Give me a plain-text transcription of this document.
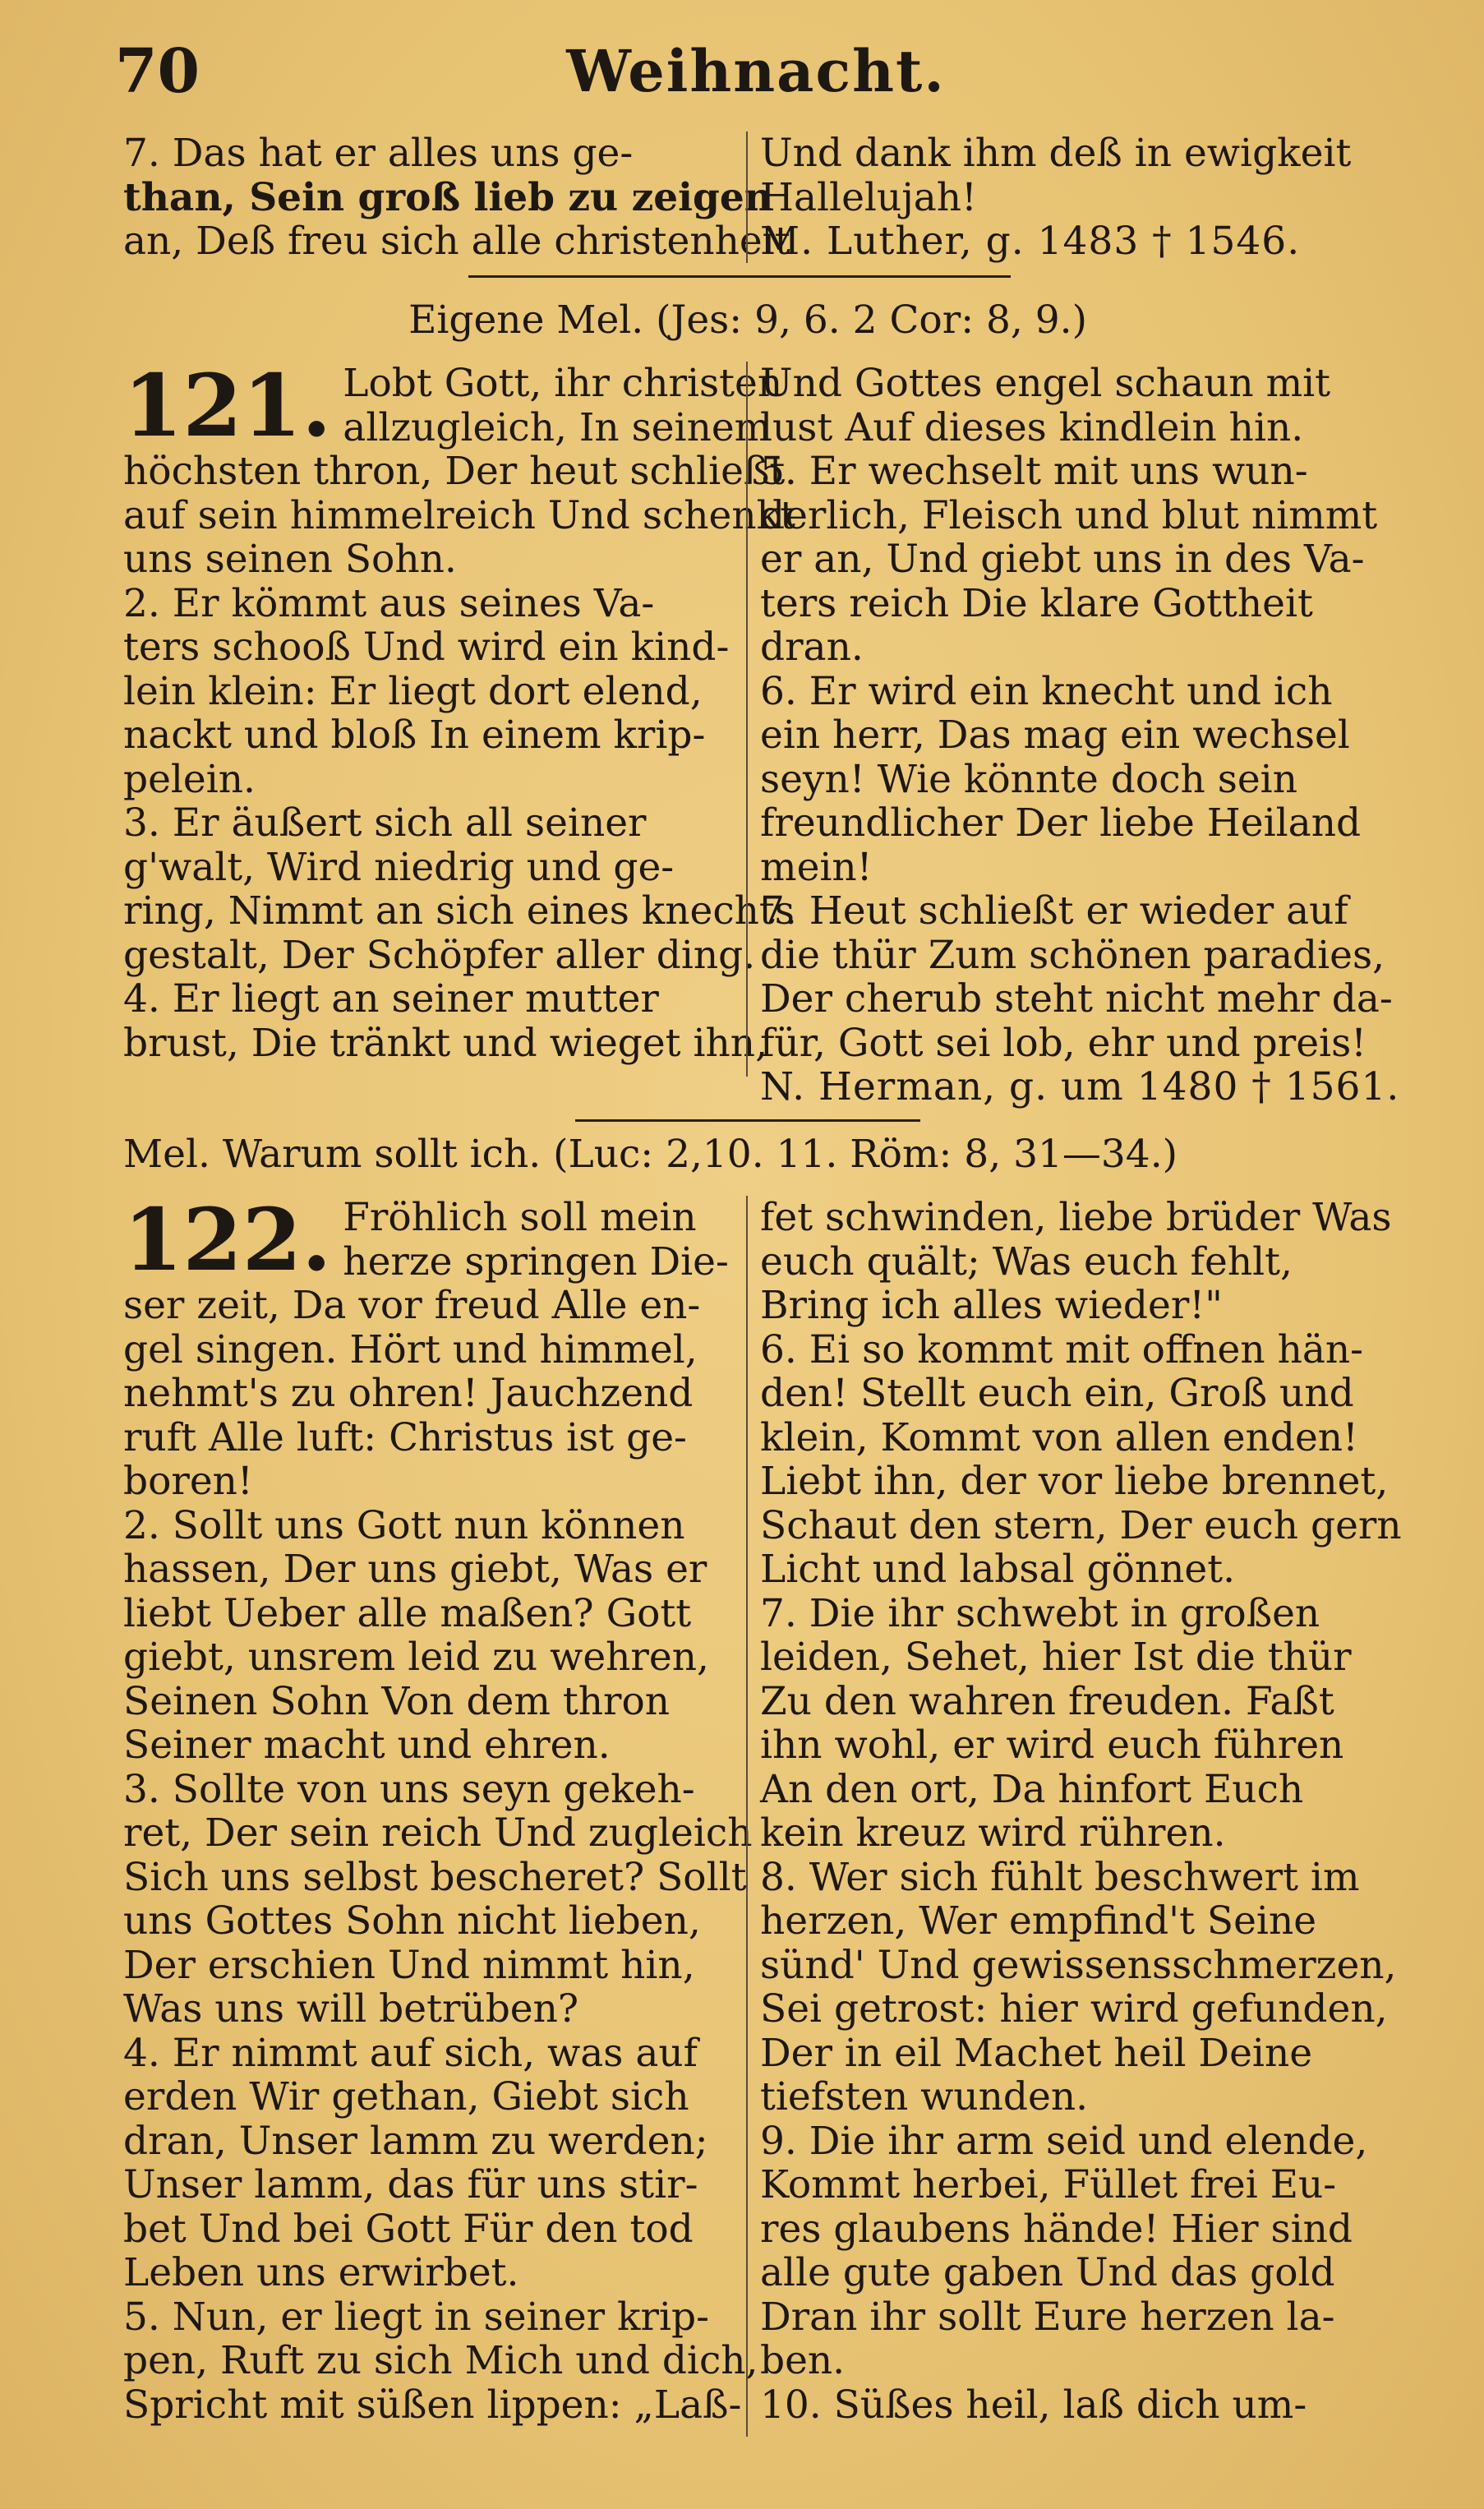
70	Weihnacht.
7. Das hat er alles uns ge-
than, Sein groß lieb zu zeigen
an, Deß freu sich alle christenheit
Und dank ihm deß in ewigkeit
Hallelujah!
M. Luther, g. 1483 † 1546.
Eigene Mel. (Jes: 9, 6. 2 Cor: 8, 9.)
121. Lobt Gott, ihr christen
allzugleich, In seinem
höchsten thron, Der heut schließt
auf sein himmelreich Und schenkt
uns seinen Sohn.
2. Er kömmt aus seines Va-
ters schooß Und wird ein kind-
lein klein: Er liegt dort elend,
nackt und bloß In einem krip-
pelein.
3. Er äußert sich all seiner
g'walt, Wird niedrig und ge-
ring, Nimmt an sich eines knechts
gestalt, Der Schöpfer aller ding.
4. Er liegt an seiner mutter
brust, Die tränkt und wieget ihn,
Und Gottes engel schaun mit
lust Auf dieses kindlein hin.
5. Er wechselt mit uns wun-
derlich, Fleisch und blut nimmt
er an, Und giebt uns in des Va-
ters reich Die klare Gottheit
dran.
6. Er wird ein knecht und ich
ein herr, Das mag ein wechsel
seyn! Wie könnte doch sein
freundlicher Der liebe Heiland
mein!
7. Heut schließt er wieder auf
die thür Zum schönen paradies,
Der cherub steht nicht mehr da-
für, Gott sei lob, ehr und preis!
N. Herman, g. um 1480 † 1561.
Mel. Warum sollt ich. (Luc: 2,10. 11. Röm: 8, 31—34.)
122. Fröhlich soll mein
herze springen Die-
ser zeit, Da vor freud Alle en-
gel singen. Hört und himmel,
nehmt's zu ohren! Jauchzend
ruft Alle luft: Christus ist ge-
boren!
2. Sollt uns Gott nun können
hassen, Der uns giebt, Was er
liebt Ueber alle maßen? Gott
giebt, unsrem leid zu wehren,
Seinen Sohn Von dem thron
Seiner macht und ehren.
3. Sollte von uns seyn gekeh-
ret, Der sein reich Und zugleich
Sich uns selbst bescheret? Sollt
uns Gottes Sohn nicht lieben,
Der erschien Und nimmt hin,
Was uns will betrüben?
4. Er nimmt auf sich, was auf
erden Wir gethan, Giebt sich
dran, Unser lamm zu werden;
Unser lamm, das für uns stir-
bet Und bei Gott Für den tod
Leben uns erwirbet.
5. Nun, er liegt in seiner krip-
pen, Ruft zu sich Mich und dich,
Spricht mit süßen lippen: „Laß-
fet schwinden, liebe brüder Was
euch quält; Was euch fehlt,
Bring ich alles wieder!"
6. Ei so kommt mit offnen hän-
den! Stellt euch ein, Groß und
klein, Kommt von allen enden!
Liebt ihn, der vor liebe brennet,
Schaut den stern, Der euch gern
Licht und labsal gönnet.
7. Die ihr schwebt in großen
leiden, Sehet, hier Ist die thür
Zu den wahren freuden. Faßt
ihn wohl, er wird euch führen
An den ort, Da hinfort Euch
kein kreuz wird rühren.
8. Wer sich fühlt beschwert im
herzen, Wer empfind't Seine
sünd' Und gewissensschmerzen,
Sei getrost: hier wird gefunden,
Der in eil Machet heil Deine
tiefsten wunden.
9. Die ihr arm seid und elende,
Kommt herbei, Füllet frei Eu-
res glaubens hände! Hier sind
alle gute gaben Und das gold
Dran ihr sollt Eure herzen la-
ben.
10. Süßes heil, laß dich um-
